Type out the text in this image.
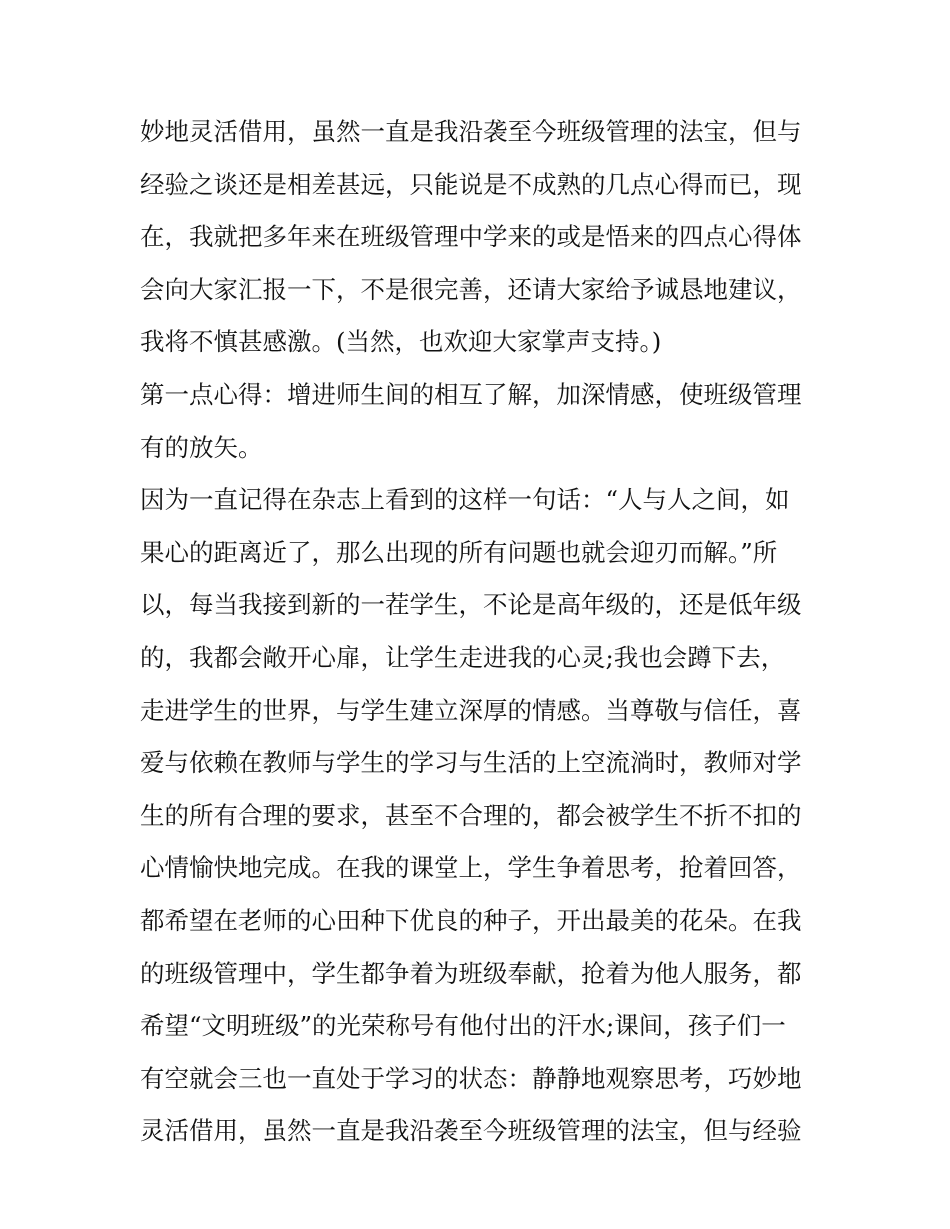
妙地灵活借用，虽然一直是我沿袭至今班级管理的法宝，但与
经验之谈还是相差甚远，只能说是不成熟的几点心得而已，现
在，我就把多年来在班级管理中学来的或是悟来的四点心得体
会向大家汇报一下，不是很完善，还请大家给予诚恳地建议，
我将不慎甚感激。(当然，也欢迎大家掌声支持。)
第一点心得：增进师生间的相互了解，加深情感，使班级管理
有的放矢。
因为一直记得在杂志上看到的这样一句话：“人与人之间，如
果心的距离近了，那么出现的所有问题也就会迎刃而解。”所
以，每当我接到新的一茬学生，不论是高年级的，还是低年级
的，我都会敞开心扉，让学生走进我的心灵;我也会蹲下去，
走进学生的世界，与学生建立深厚的情感。当尊敬与信任，喜
爱与依赖在教师与学生的学习与生活的上空流淌时，教师对学
生的所有合理的要求，甚至不合理的，都会被学生不折不扣的
心情愉快地完成。在我的课堂上，学生争着思考，抢着回答，
都希望在老师的心田种下优良的种子，开出最美的花朵。在我
的班级管理中，学生都争着为班级奉献，抢着为他人服务，都
希望“文明班级”的光荣称号有他付出的汗水;课间，孩子们一
有空就会三也一直处于学习的状态：静静地观察思考，巧妙地
灵活借用，虽然一直是我沿袭至今班级管理的法宝，但与经验
